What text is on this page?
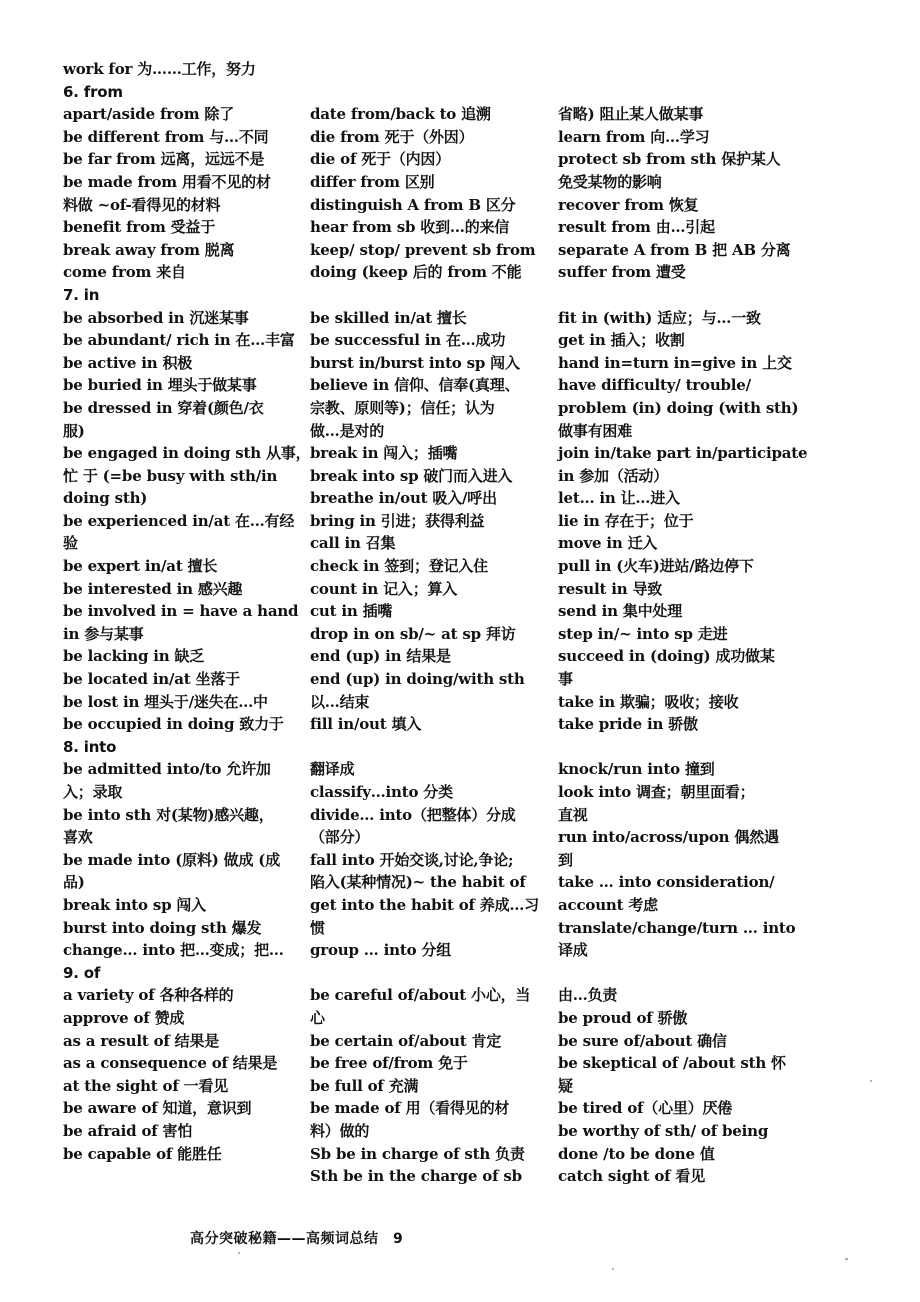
work for 为……工作，努力
6. from
apart/aside from 除了
be different from 与…不同
be far from 远离，远远不是
be made from 用看不见的材
料做 ~of-看得见的材料
benefit from 受益于
break away from 脱离
come from 来自
7. in
be absorbed in 沉迷某事
be abundant/ rich in 在…丰富
be active in 积极
be buried in 埋头于做某事
be dressed in 穿着(颜色/衣
服)
be engaged in doing sth 从事，
忙 于 (=be busy with sth/in
doing sth)
be experienced in/at 在…有经
验
be expert in/at 擅长
be interested in 感兴趣
be involved in = have a hand
in 参与某事
be lacking in 缺乏
be located in/at 坐落于
be lost in 埋头于/迷失在…中
be occupied in doing 致力于
8. into
be admitted into/to 允许加
入；录取
be into sth 对(某物)感兴趣，
喜欢
be made into (原料) 做成 (成
品)
break into sp 闯入
burst into doing sth 爆发
change… into 把…变成；把…
9. of
a variety of 各种各样的
approve of 赞成
as a result of 结果是
as a consequence of 结果是
at the sight of 一看见
be aware of 知道，意识到
be afraid of 害怕
be capable of 能胜任
date from/back to 追溯
die from 死于（外因）
die of 死于（内因）
differ from 区别
distinguish A from B 区分
hear from sb 收到…的来信
keep/ stop/ prevent sb from
doing (keep 后的 from 不能
be skilled in/at 擅长
be successful in 在…成功
burst in/burst into sp 闯入
believe in 信仰、信奉(真理、
宗教、原则等)；信任；认为
做…是对的
break in 闯入；插嘴
break into sp 破门而入进入
breathe in/out 吸入/呼出
bring in 引进；获得利益
call in 召集
check in 签到；登记入住
count in 记入；算入
cut in 插嘴
drop in on sb/~ at sp 拜访
end (up) in 结果是
end (up) in doing/with sth
以…结束
fill in/out 填入
翻译成
classify…into 分类
divide… into（把整体）分成
（部分）
fall into 开始交谈,讨论,争论;
陷入(某种情况)~ the habit of
get into the habit of 养成…习
惯
group … into 分组
be careful of/about 小心，当
心
be certain of/about 肯定
be free of/from 免于
be full of 充满
be made of 用（看得见的材
料）做的
Sb be in charge of sth 负责
Sth be in the charge of sb
省略) 阻止某人做某事
learn from 向…学习
protect sb from sth 保护某人
免受某物的影响
recover from 恢复
result from 由…引起
separate A from B 把 AB 分离
suffer from 遭受
fit in (with) 适应；与…一致
get in 插入；收割
hand in=turn in=give in 上交
have difficulty/ trouble/
problem (in) doing (with sth)
做事有困难
join in/take part in/participate
in 参加（活动）
let… in 让…进入
lie in 存在于；位于
move in 迁入
pull in (火车)进站/路边停下
result in 导致
send in 集中处理
step in/~ into sp 走进
succeed in (doing) 成功做某
事
take in 欺骗；吸收；接收
take pride in 骄傲
knock/run into 撞到
look into 调查；朝里面看；
直视
run into/across/upon 偶然遇
到
take … into consideration/
account 考虑
translate/change/turn … into
译成
由…负责
be proud of 骄傲
be sure of/about 确信
be skeptical of /about sth 怀
疑
be tired of（心里）厌倦
be worthy of sth/ of being
done /to be done 值
catch sight of 看见
高分突破秘籍——高频词总结　9
